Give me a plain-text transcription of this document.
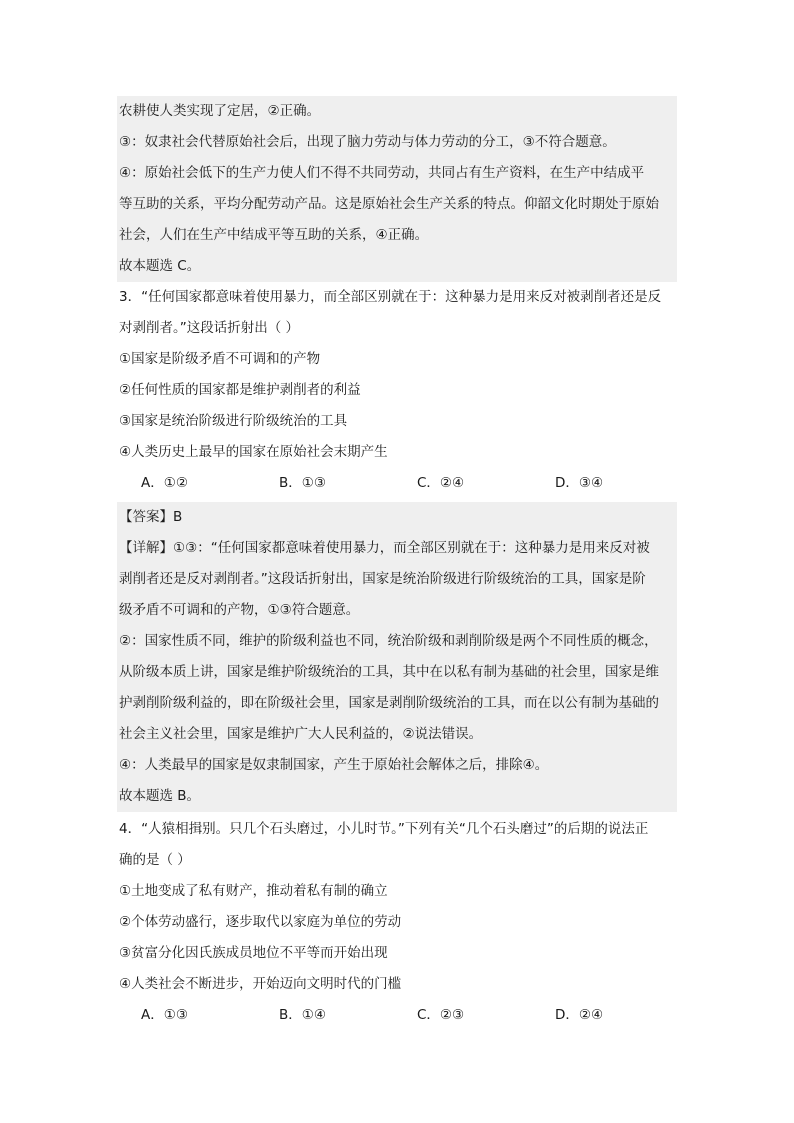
农耕使人类实现了定居，②正确。
③：奴隶社会代替原始社会后，出现了脑力劳动与体力劳动的分工，③不符合题意。
④：原始社会低下的生产力使人们不得不共同劳动，共同占有生产资料，在生产中结成平
等互助的关系，平均分配劳动产品。这是原始社会生产关系的特点。仰韶文化时期处于原始
社会，人们在生产中结成平等互助的关系，④正确。
故本题选 C。
3．“任何国家都意味着使用暴力，而全部区别就在于：这种暴力是用来反对被剥削者还是反
对剥削者。”这段话折射出（ ）
①国家是阶级矛盾不可调和的产物
②任何性质的国家都是维护剥削者的利益
③国家是统治阶级进行阶级统治的工具
④人类历史上最早的国家在原始社会末期产生
A．①②	B．①③	C．②④	D．③④
【答案】B
【详解】①③：“任何国家都意味着使用暴力，而全部区别就在于：这种暴力是用来反对被
剥削者还是反对剥削者。”这段话折射出，国家是统治阶级进行阶级统治的工具，国家是阶
级矛盾不可调和的产物，①③符合题意。
②：国家性质不同，维护的阶级利益也不同，统治阶级和剥削阶级是两个不同性质的概念，
从阶级本质上讲，国家是维护阶级统治的工具，其中在以私有制为基础的社会里，国家是维
护剥削阶级利益的，即在阶级社会里，国家是剥削阶级统治的工具，而在以公有制为基础的
社会主义社会里，国家是维护广大人民利益的，②说法错误。
④：人类最早的国家是奴隶制国家，产生于原始社会解体之后，排除④。
故本题选 B。
4．“人猿相揖别。只几个石头磨过，小儿时节。”下列有关“几个石头磨过”的后期的说法正
确的是（ ）
①土地变成了私有财产，推动着私有制的确立
②个体劳动盛行，逐步取代以家庭为单位的劳动
③贫富分化因氏族成员地位不平等而开始出现
④人类社会不断进步，开始迈向文明时代的门槛
A．①③	B．①④	C．②③	D．②④
